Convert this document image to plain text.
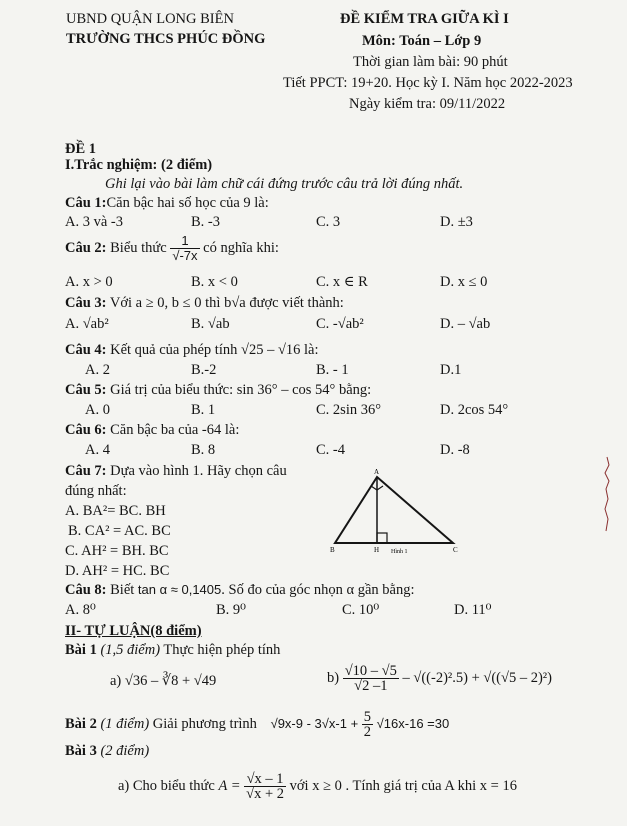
UBND QUẬN LONG BIÊN
TRƯỜNG THCS PHÚC ĐỒNG
ĐỀ KIỂM TRA GIỮA KÌ I
Môn: Toán – Lớp 9
Thời gian làm bài: 90 phút
Tiết PPCT: 19+20. Học kỳ I. Năm học 2022-2023
Ngày kiểm tra: 09/11/2022
ĐỀ 1
I.Trắc nghiệm: (2 điểm)
Ghi lại vào bài làm chữ cái đứng trước câu trả lời đúng nhất.
Câu 1:Căn bậc hai số học của 9 là:
A. 3 và -3	B. -3	C. 3	D. ±3
Câu 2: Biểu thức $\frac{1}{√-7x}$ có nghĩa khi:
A. x > 0	B. x < 0	C. x ∈ R	D. x ≤ 0
Câu 3: Với a ≥ 0, b ≤ 0 thì b√a được viết thành:
A. √ab²	B. √ab	C. -√ab²	D. – √ab
Câu 4: Kết quả của phép tính √25 – √16 là:
A. 2	B.-2	B. - 1	D.1
Câu 5: Giá trị của biểu thức: sin 36° – cos 54° bằng:
A. 0	B. 1	C. 2sin 36°	D. 2cos 54°
Câu 6: Căn bậc ba của -64 là:
A. 4	B. 8	C. -4	D. -8
Câu 7: Dựa vào hình 1. Hãy chọn câu
đúng nhất:
A. BA²= BC. BH
B. CA² = AC. BC
C. AH² = BH. BC
D. AH² = HC. BC
A
B	H	C
Hình 1
Câu 8: Biết tan α ≈ 0,1405. Số đo của góc nhọn α gần bằng:
A. 8⁰	B. 9⁰	C. 10⁰	D. 11⁰
II- TỰ LUẬN(8 điểm)
Bài 1 (1,5 điểm) Thực hiện phép tính
a) √36 – ∛8 + √49	$b) \frac{√10 - √5}{√2 -1} - √((-2)^2.5) + √((√5 - 2)^2)$
Bài 2 (1 điểm) Giải phương trình $√9x-9 - 3√x-1 + \frac{5}{2} √16x-16 =30$
Bài 3 (2 điểm)
a) Cho biểu thức $A = \frac{√x - 1}{√x + 2}$ với x ≥ 0 . Tính giá trị của A khi x = 16
